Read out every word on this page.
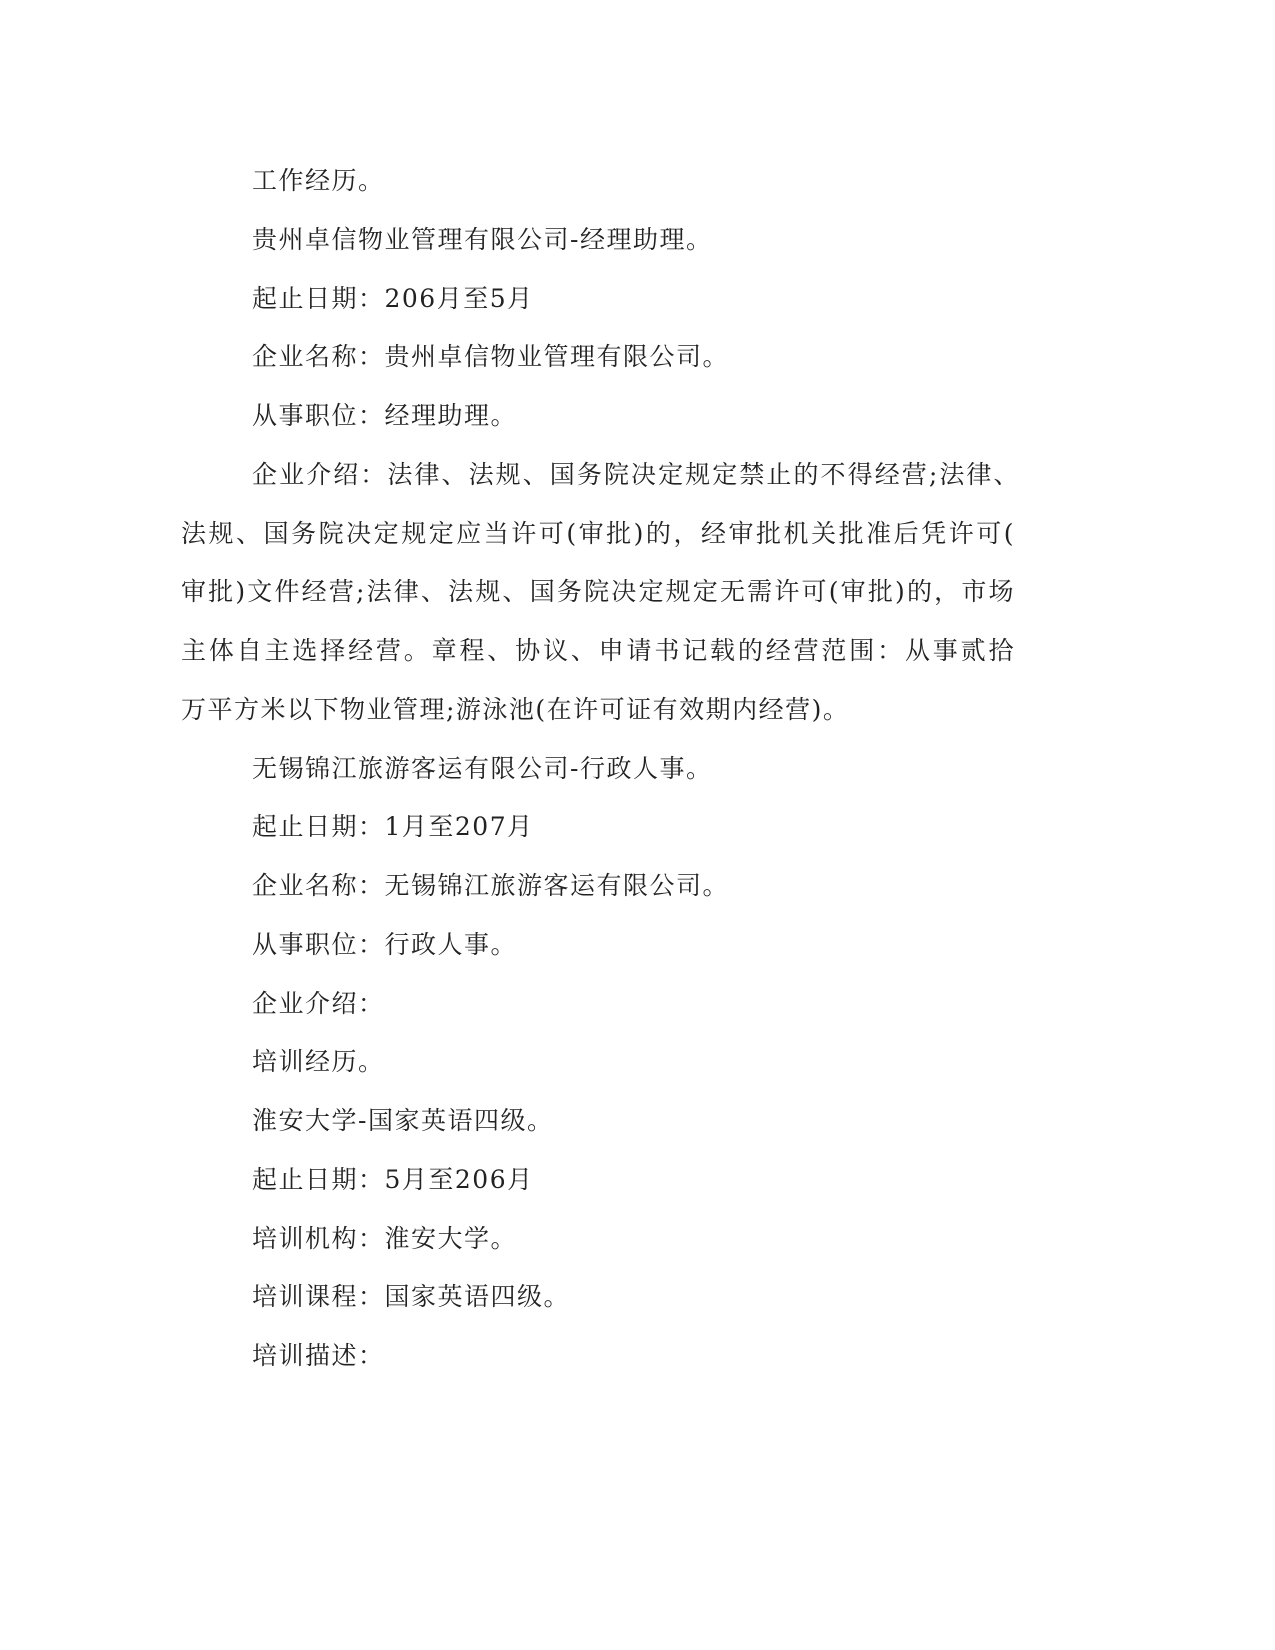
工作经历。
贵州卓信物业管理有限公司-经理助理。
起止日期：206月至5月
企业名称：贵州卓信物业管理有限公司。
从事职位：经理助理。
企业介绍：法律、法规、国务院决定规定禁止的不得经营;法律、
法规、国务院决定规定应当许可(审批)的，经审批机关批准后凭许可(
审批)文件经营;法律、法规、国务院决定规定无需许可(审批)的，市场
主体自主选择经营。章程、协议、申请书记载的经营范围：从事贰拾
万平方米以下物业管理;游泳池(在许可证有效期内经营)。
无锡锦江旅游客运有限公司-行政人事。
起止日期：1月至207月
企业名称：无锡锦江旅游客运有限公司。
从事职位：行政人事。
企业介绍：
培训经历。
淮安大学-国家英语四级。
起止日期：5月至206月
培训机构：淮安大学。
培训课程：国家英语四级。
培训描述：
